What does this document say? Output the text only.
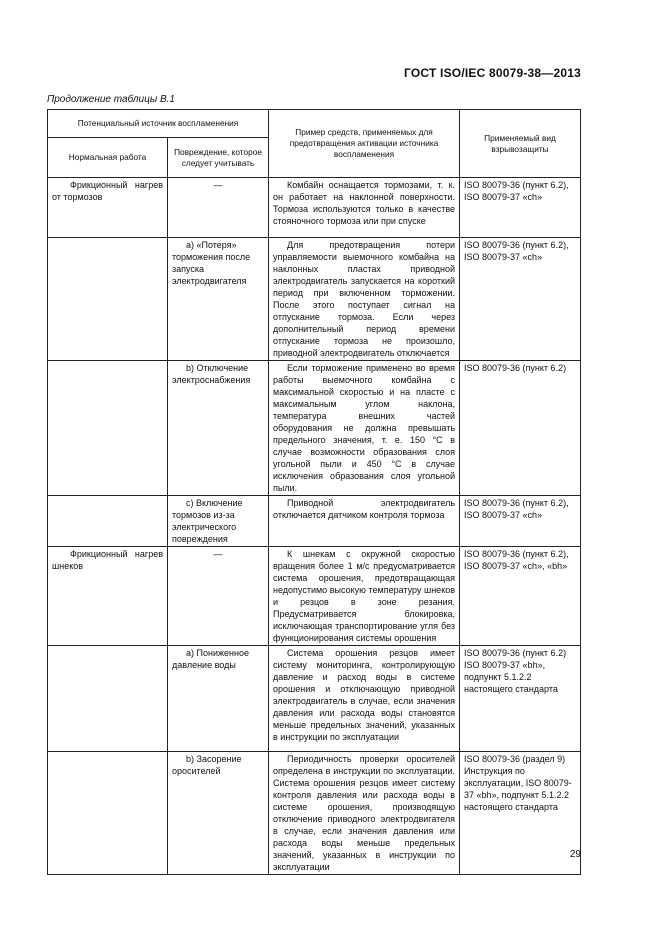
ГОСТ ISO/IEC 80079-38—2013
Продолжение таблицы В.1
Потенциальный источник воспламенения		Пример средств, применяемых для предотвращения активации источника воспламенения	Применяемый вид взрывозащиты
Нормальная работа	Повреждение, которое следует учитывать		

Фрикционный нагрев от тормозов	—	Комбайн оснащается тормозами, т. к. он работает на наклонной поверхности. Тормоза используются только в качестве стояночного тормоза или при спуске	ISO 80079-36 (пункт 6.2), ISO 80079-37 «ch»

	а) «Потеря» торможения после запуска электродвигателя	Для предотвращения потери управляемости выемочного комбайна на наклонных пластах приводной электродвигатель запускается на короткий период при включенном торможении. После этого поступает сигнал на отпускание тормоза. Если через дополнительный период времени отпускание тормоза не произошло, приводной электродвигатель отключается	ISO 80079-36 (пункт 6.2), ISO 80079-37 «ch»

	b) Отключение электроснабжения	Если торможение применено во время работы выемочного комбайна с максимальной скоростью и на пласте с максимальным углом наклона, температура внешних частей оборудования не должна превышать предельного значения, т. е. 150 °C в случае возможности образования слоя угольной пыли и 450 °C в случае исключения образования слоя угольной пыли.	ISO 80079-36 (пункт 6.2)

	с) Включение тормозов из-за электрического повреждения	Приводной электродвигатель отключается датчиком контроля тормоза	ISO 80079-36 (пункт 6.2), ISO 80079-37 «ch»

Фрикционный нагрев шнеков	—	К шнекам с окружной скоростью вращения более 1 м/с предусматривается система орошения, предотвращающая недопустимо высокую температуру шнеков и резцов в зоне резания. Предусматривается блокировка, исключающая транспортирование угля без функционирования системы орошения	ISO 80079-36 (пункт 6.2), ISO 80079-37 «ch», «bh»

	а) Пониженное давление воды	Система орошения резцов имеет систему мониторинга, контролирующую давление и расход воды в системе орошения и отключающую приводной электродвигатель в случае, если значения давления или расхода воды становятся меньше предельных значений, указанных в инструкции по эксплуатации	ISO 80079-36 (пункт 6.2) ISO 80079-37 «bh», подпункт 5.1.2.2 настоящего стандарта

	b) Засорение оросителей	Периодичность проверки оросителей определена в инструкции по эксплуатации. Система орошения резцов имеет систему контроля давления или расхода воды в системе орошения, производящую отключение приводного электродвигателя в случае, если значения давления или расхода воды меньше предельных значений, указанных в инструкции по эксплуатации	ISO 80079-36 (раздел 9) Инструкция по эксплуатации, ISO 80079-37 «bh», подпункт 5.1.2.2 настоящего стандарта
29
